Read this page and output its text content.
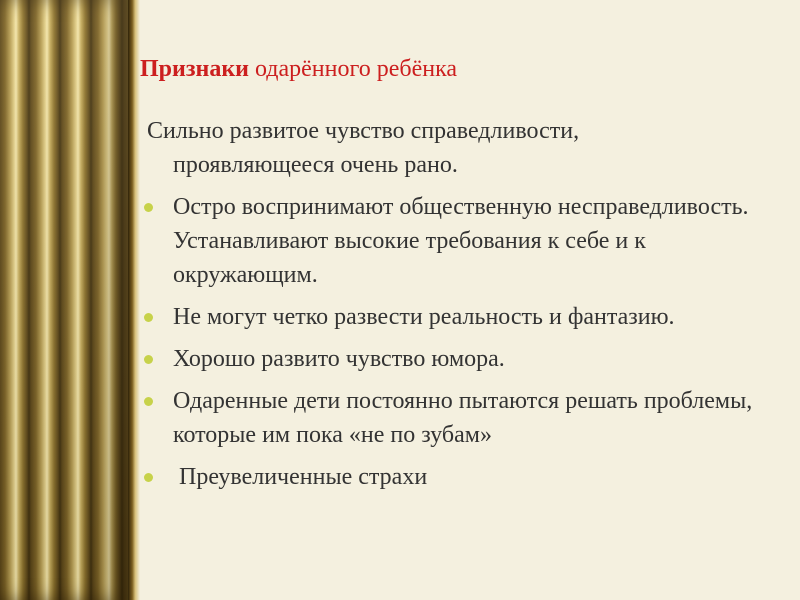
Признаки одарённого ребёнка
Сильно развитое чувство справедливости,
проявляющееся очень рано.
Остро воспринимают общественную несправедливость. Устанавливают высокие требования к себе и к окружающим.
Не могут четко развести реальность и фантазию.
Хорошо развито чувство юмора.
Одаренные дети постоянно пытаются решать проблемы, которые им пока «не по зубам»
Преувеличенные страхи
